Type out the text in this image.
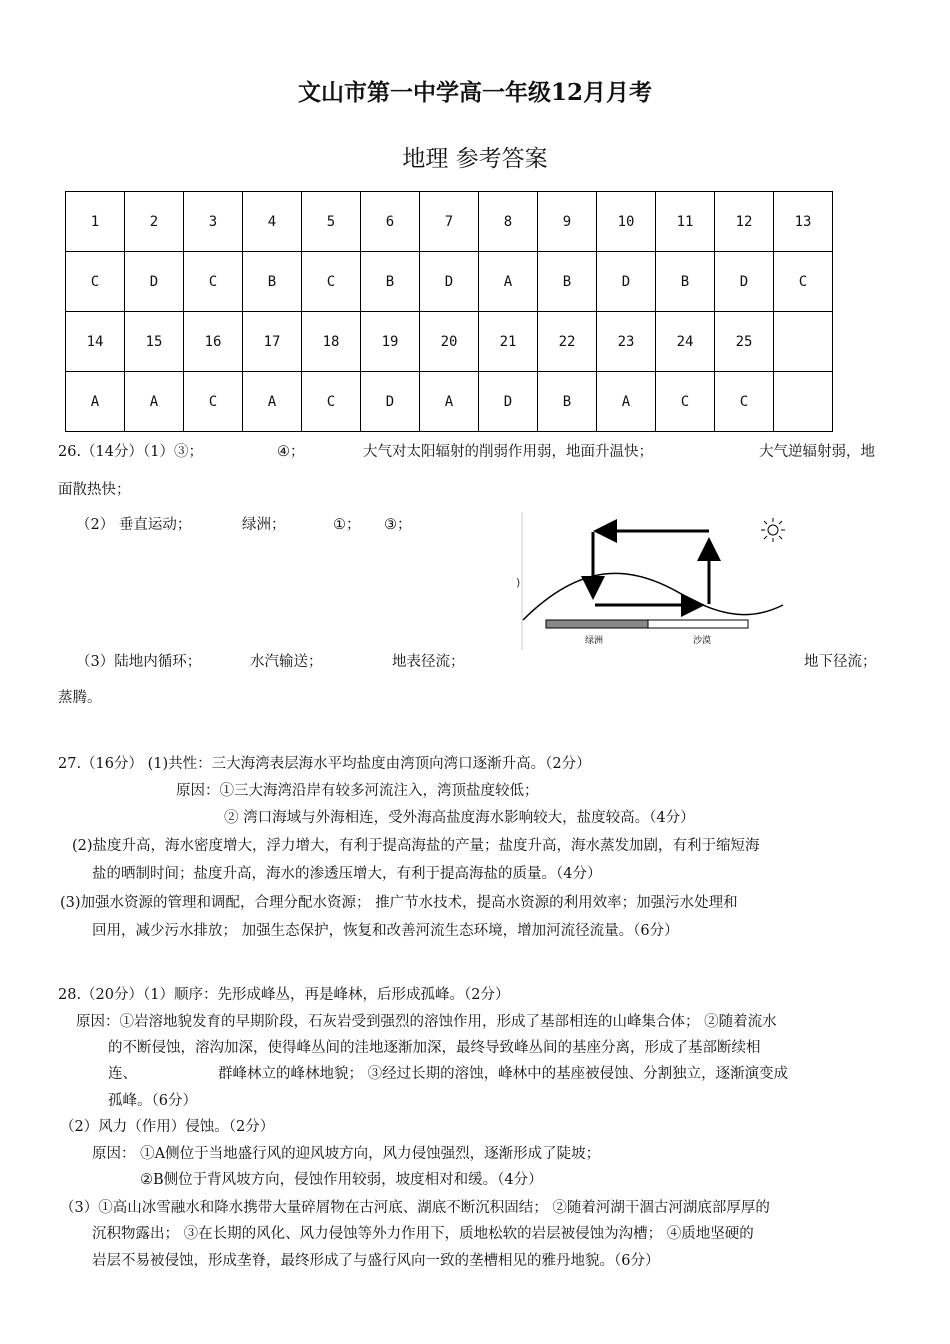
文山市第一中学高一年级12月月考
地理 参考答案
1	2	3	4	5	6	7	8	9	10	11	12	13
C	D	C	B	C	B	D	A	B	D	B	D	C
14	15	16	17	18	19	20	21	22	23	24	25	
A	A	C	A	C	D	A	D	B	A	C	C	
26.（14分）（1）③；	④；	大气对太阳辐射的削弱作用弱，地面升温快；	大气逆辐射弱，地
面散热快；
（2） 垂直运动；	绿洲；	①； ③；
)
绿洲	沙漠
（3）陆地内循环；	水汽输送；	地表径流；	地下径流；
蒸腾。
27.（16分） (1)共性：三大海湾表层海水平均盐度由湾顶向湾口逐渐升高。（2分）
原因：①三大海湾沿岸有较多河流注入，湾顶盐度较低；
② 湾口海域与外海相连，受外海高盐度海水影响较大，盐度较高。（4分）
(2)盐度升高，海水密度增大，浮力增大，有利于提高海盐的产量；盐度升高，海水蒸发加剧，有利于缩短海
盐的晒制时间；盐度升高，海水的渗透压增大，有利于提高海盐的质量。（4分）
(3)加强水资源的管理和调配，合理分配水资源； 推广节水技术，提高水资源的利用效率；加强污水处理和
回用，减少污水排放； 加强生态保护，恢复和改善河流生态环境，增加河流径流量。（6分）
28.（20分）（1）顺序：先形成峰丛，再是峰林，后形成孤峰。（2分）
原因：①岩溶地貌发育的早期阶段，石灰岩受到强烈的溶蚀作用，形成了基部相连的山峰集合体； ②随着流水
的不断侵蚀，溶沟加深，使得峰丛间的洼地逐渐加深，最终导致峰丛间的基座分离，形成了基部断续相
连、	群峰林立的峰林地貌； ③经过长期的溶蚀，峰林中的基座被侵蚀、分割独立，逐渐演变成
孤峰。（6分）
（2）风力（作用）侵蚀。（2分）
原因： ①A侧位于当地盛行风的迎风坡方向，风力侵蚀强烈，逐渐形成了陡坡；
②B侧位于背风坡方向，侵蚀作用较弱，坡度相对和缓。（4分）
（3）①高山冰雪融水和降水携带大量碎屑物在古河底、湖底不断沉积固结； ②随着河湖干涸古河湖底部厚厚的
沉积物露出； ③在长期的风化、风力侵蚀等外力作用下，质地松软的岩层被侵蚀为沟槽； ④质地坚硬的
岩层不易被侵蚀，形成垄脊，最终形成了与盛行风向一致的垄槽相见的雅丹地貌。（6分）
